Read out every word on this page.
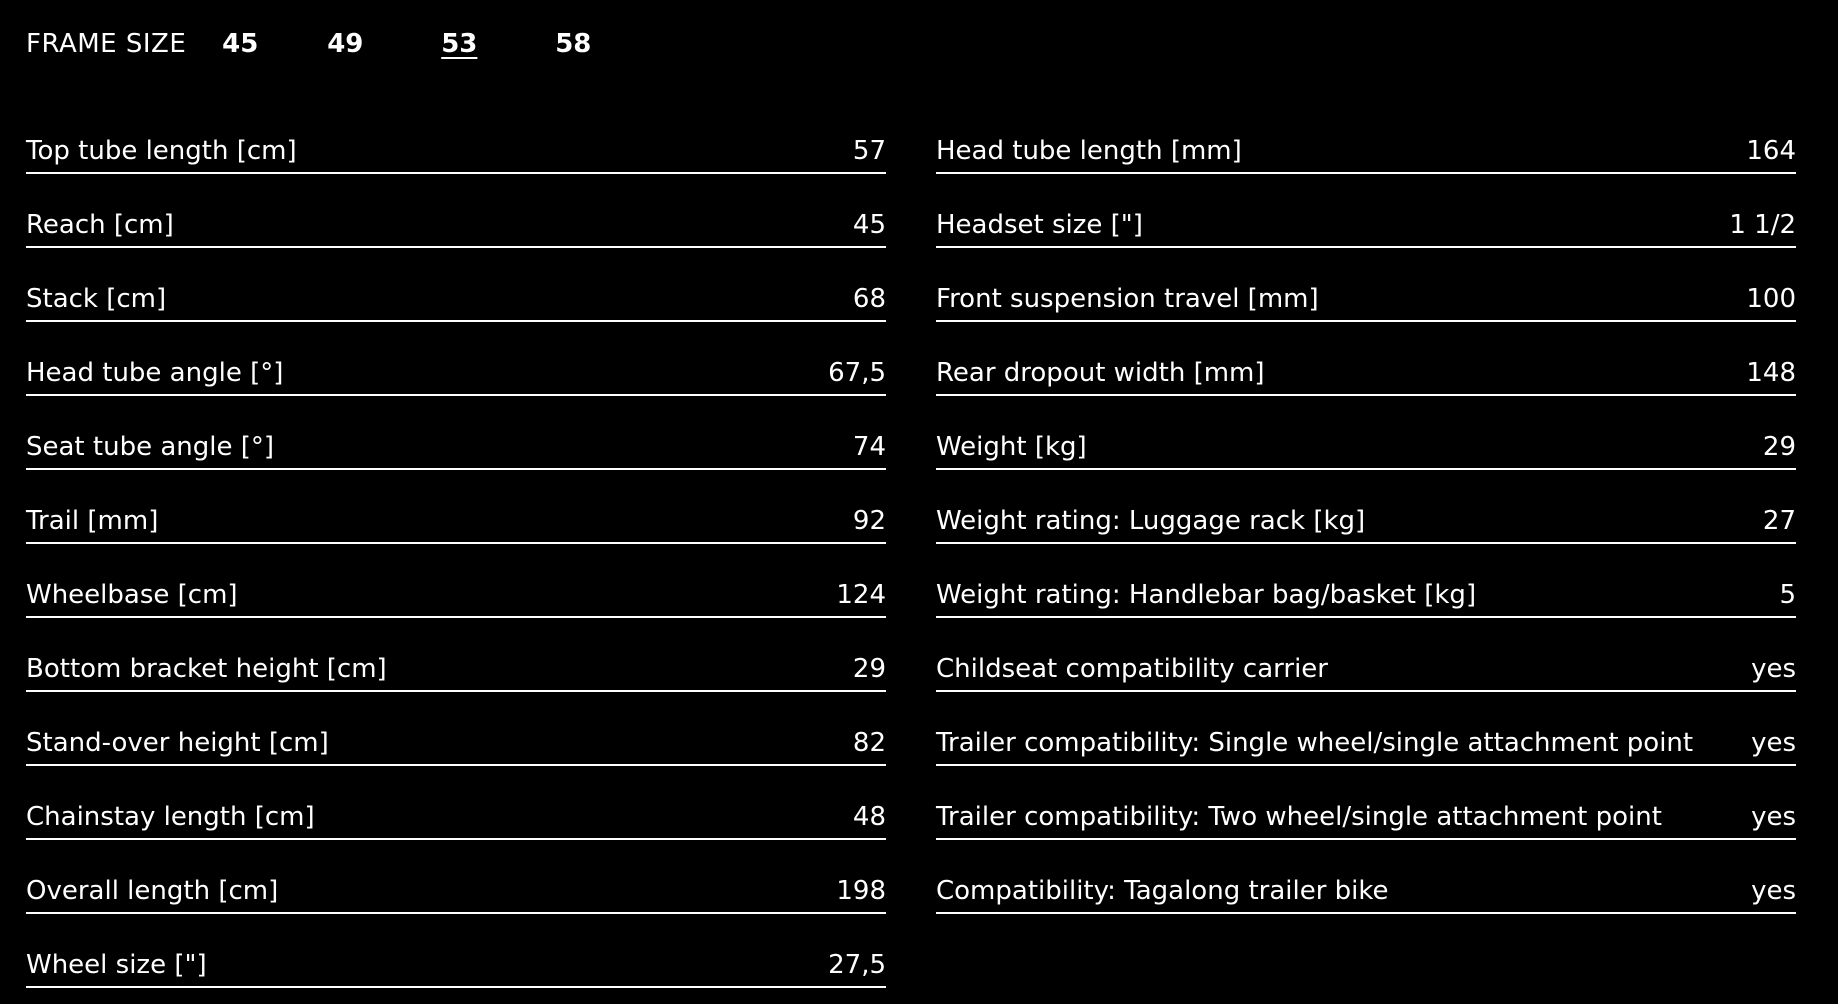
FRAME SIZE	45	49	53	58
Top tube length [cm]	57
Reach [cm]	45
Stack [cm]	68
Head tube angle [°]	67,5
Seat tube angle [°]	74
Trail [mm]	92
Wheelbase [cm]	124
Bottom bracket height [cm]	29
Stand-over height [cm]	82
Chainstay length [cm]	48
Overall length [cm]	198
Wheel size ["]	27,5
Head tube length [mm]	164
Headset size ["]	1 1/2
Front suspension travel [mm]	100
Rear dropout width [mm]	148
Weight [kg]	29
Weight rating: Luggage rack [kg]	27
Weight rating: Handlebar bag/basket [kg]	5
Childseat compatibility carrier	yes
Trailer compatibility: Single wheel/single attachment point yes
Trailer compatibility: Two wheel/single attachment point	yes
Compatibility: Tagalong trailer bike	yes
